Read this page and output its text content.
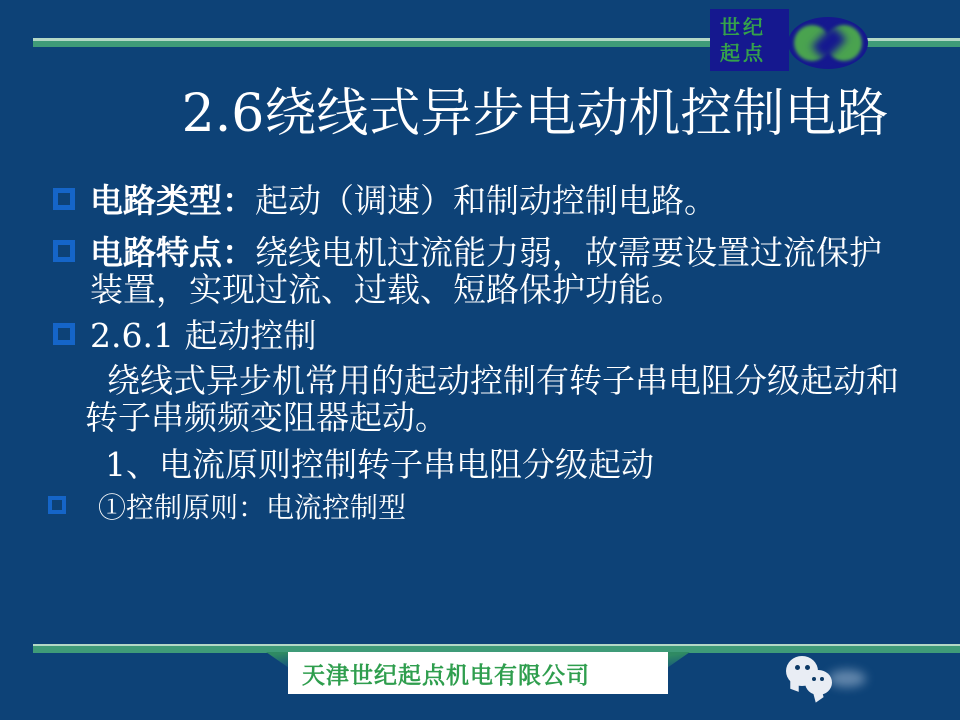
世纪
起点
2.6绕线式异步电动机控制电路
电路类型：起动（调速）和制动控制电路。
电路特点：绕线电机过流能力弱，故需要设置过流保护装置，实现过流、过载、短路保护功能。
2.6.1 起动控制
绕线式异步机常用的起动控制有转子串电阻分级起动和转子串频频变阻器起动。
1、电流原则控制转子串电阻分级起动
①控制原则：电流控制型
天津世纪起点机电有限公司
